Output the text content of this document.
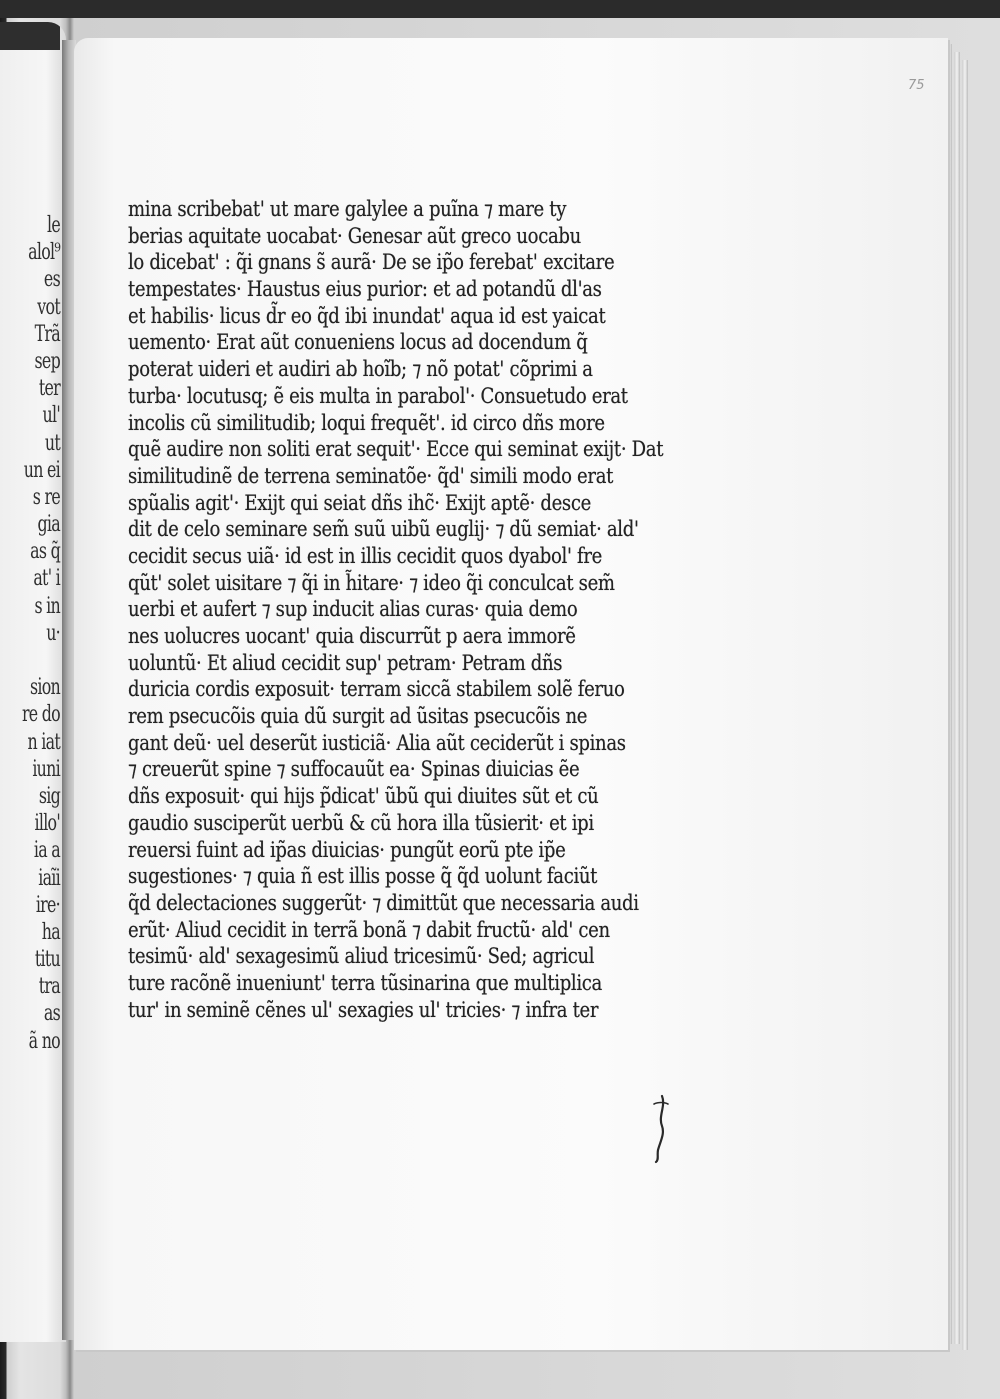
le
alol⁹
es
vot
Trã
sep
ter
ul'
ut
un ei
s re
gia
as q̃
at' i
s in
u·
sion
re do
n iat
iuni
sig
illo'
ia a
iaĩi
ire·
ha
titu
tra
as
ã no
75
mina scribebat' ut mare galylee a puĩna ⁊ mare ty
berias aquitate uocabat· Genesar aũt greco uocabu
lo dicebat' : q̃i gnans s̃ aurã· De se ip̃o ferebat' excitare
tempestates· Haustus eius purior: et ad potandũ dl'as
et habilis· licus d̃r eo q̃d ibi inundat' aqua id est yaicat
uemento· Erat aũt conueniens locus ad docendum q̃
poterat uideri et audiri ab hoĩb; ⁊ nõ potat' cõprimi a
turba· locutusq; ẽ eis multa in parabol'· Consuetudo erat
incolis cũ similitudib; loqui frequẽt'. id circo dñs more
quẽ audire non soliti erat sequit'· Ecce qui seminat exijt· Dat
similitudinẽ de terrena seminatõe· q̃d' simili modo erat
spũalis agit'· Exijt qui seiat dñs ihc̃· Exijt aptẽ· desce
dit de celo seminare sem̃ suũ uibũ euglij· ⁊ dũ semiat· ald'
cecidit secus uiã· id est in illis cecidit quos dyabol' fre
qũt' solet uisitare ⁊ q̃i in h̃itare· ⁊ ideo q̃i conculcat sem̃
uerbi et aufert ⁊ sup inducit alias curas· quia demo
nes uolucres uocant' quia discurrũt p aera immorẽ
uoluntũ· Et aliud cecidit sup' petram· Petram dñs
duricia cordis exposuit· terram siccã stabilem solẽ feruo
rem psecucõis quia dũ surgit ad ũsitas psecucõis ne
gant deũ· uel deserũt iusticiã· Alia aũt ceciderũt i spinas
⁊ creuerũt spine ⁊ suffocauũt ea· Spinas diuicias ẽe
dñs exposuit· qui hijs p̃dicat' ũbũ qui diuites sũt et cũ
gaudio susciperũt uerbũ & cũ hora illa tũsierit· et ipi
reuersi fuint ad ip̃as diuicias· pungũt eorũ pte ip̃e
sugestiones· ⁊ quia ñ est illis posse q̃ q̃d uolunt faciũt
q̃d delectaciones suggerũt· ⁊ dimittũt que necessaria audi
erũt· Aliud cecidit in terrã bonã ⁊ dabit fructũ· ald' cen
tesimũ· ald' sexagesimũ aliud tricesimũ· Sed; agricul
ture racõnẽ inueniunt' terra tũsinarina que multiplica
tur' in seminẽ cẽnes ul' sexagies ul' tricies· ⁊ infra ter
